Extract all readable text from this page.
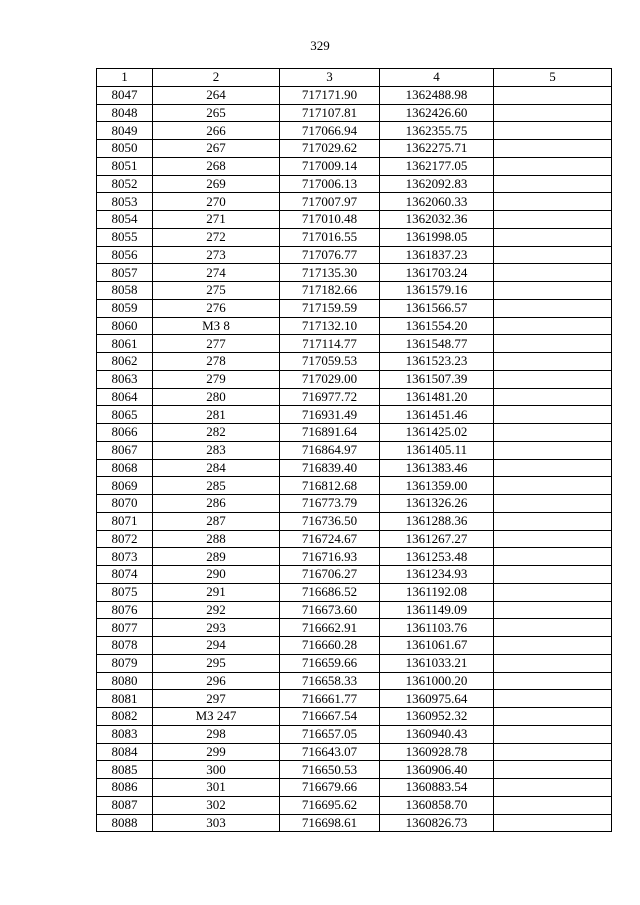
329
1	2	3	4	5
8047	264	717171.90	1362488.98	
8048	265	717107.81	1362426.60	
8049	266	717066.94	1362355.75	
8050	267	717029.62	1362275.71	
8051	268	717009.14	1362177.05	
8052	269	717006.13	1362092.83	
8053	270	717007.97	1362060.33	
8054	271	717010.48	1362032.36	
8055	272	717016.55	1361998.05	
8056	273	717076.77	1361837.23	
8057	274	717135.30	1361703.24	
8058	275	717182.66	1361579.16	
8059	276	717159.59	1361566.57	
8060	МЗ 8	717132.10	1361554.20	
8061	277	717114.77	1361548.77	
8062	278	717059.53	1361523.23	
8063	279	717029.00	1361507.39	
8064	280	716977.72	1361481.20	
8065	281	716931.49	1361451.46	
8066	282	716891.64	1361425.02	
8067	283	716864.97	1361405.11	
8068	284	716839.40	1361383.46	
8069	285	716812.68	1361359.00	
8070	286	716773.79	1361326.26	
8071	287	716736.50	1361288.36	
8072	288	716724.67	1361267.27	
8073	289	716716.93	1361253.48	
8074	290	716706.27	1361234.93	
8075	291	716686.52	1361192.08	
8076	292	716673.60	1361149.09	
8077	293	716662.91	1361103.76	
8078	294	716660.28	1361061.67	
8079	295	716659.66	1361033.21	
8080	296	716658.33	1361000.20	
8081	297	716661.77	1360975.64	
8082	МЗ 247	716667.54	1360952.32	
8083	298	716657.05	1360940.43	
8084	299	716643.07	1360928.78	
8085	300	716650.53	1360906.40	
8086	301	716679.66	1360883.54	
8087	302	716695.62	1360858.70	
8088	303	716698.61	1360826.73	
